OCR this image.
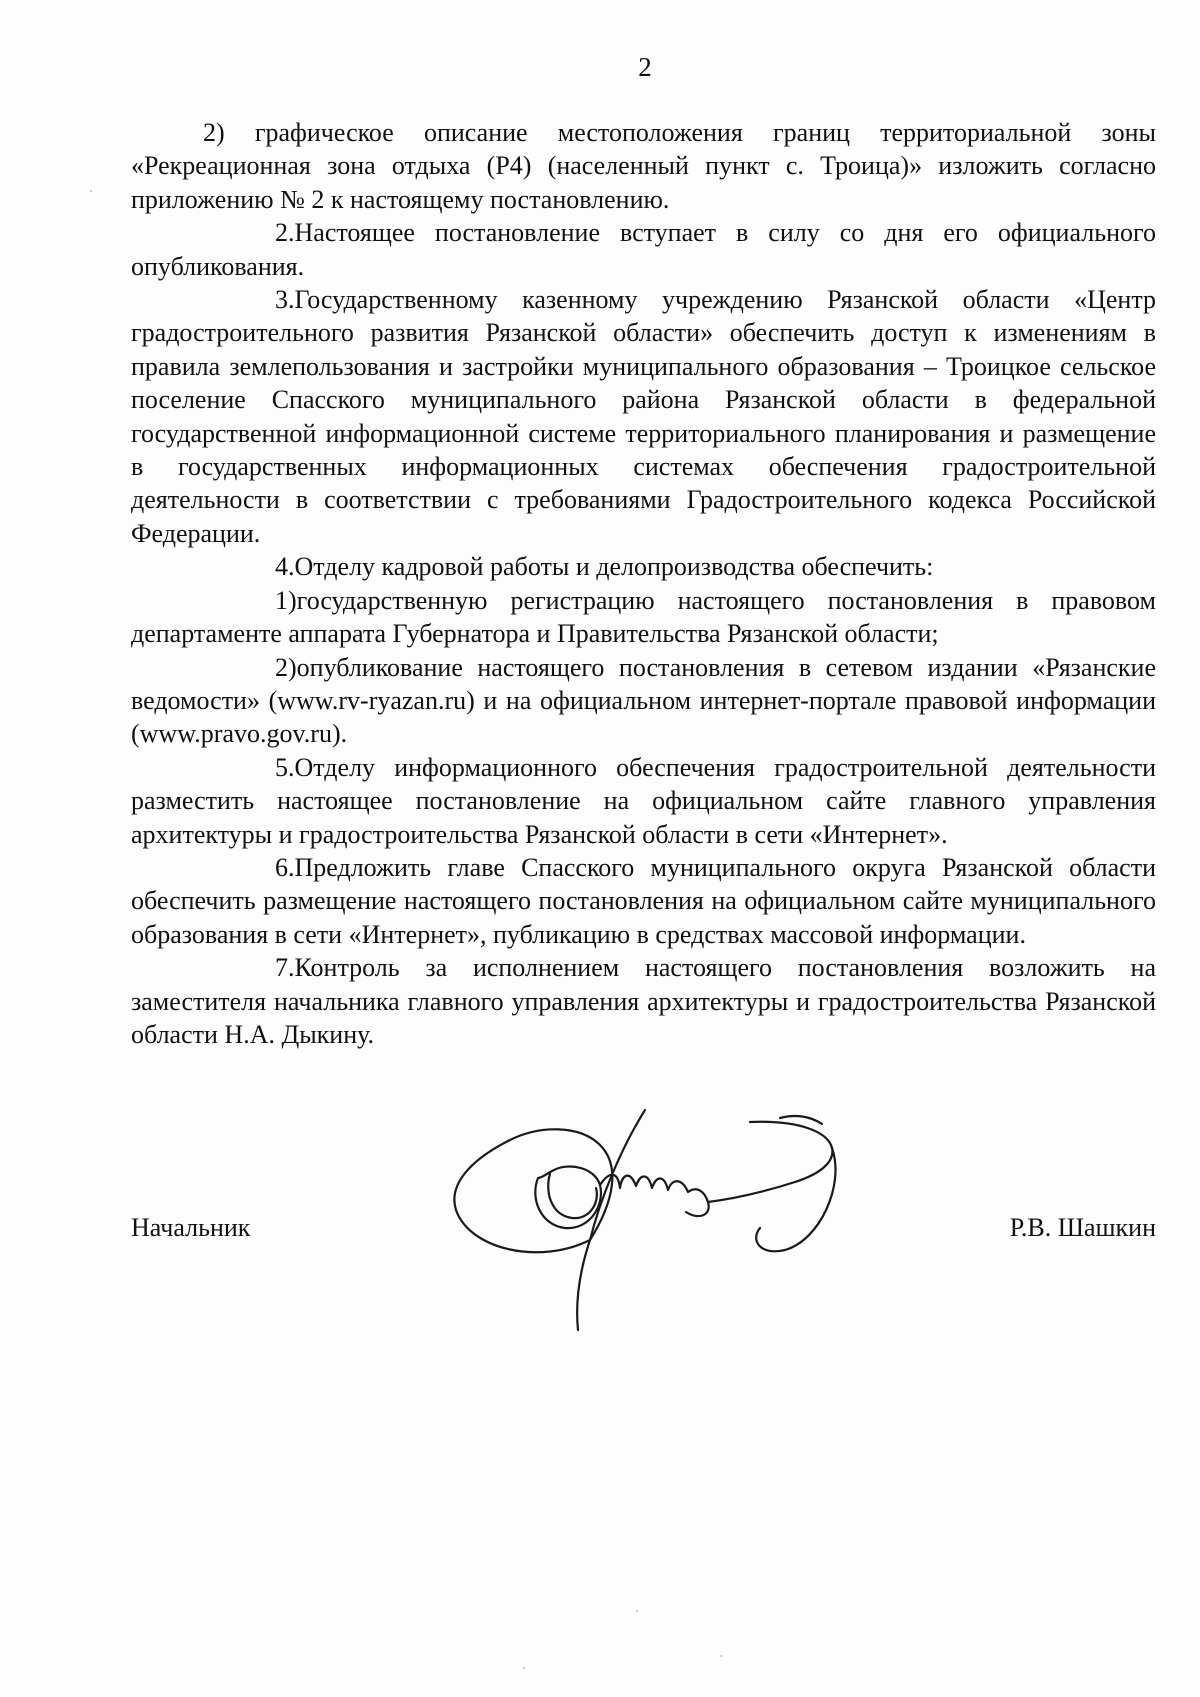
2

2) графическое описание местоположения границ территориальной зоны «Рекреационная зона отдыха (Р4) (населенный пункт с. Троица)» изложить согласно приложению № 2 к настоящему постановлению.

2.Настоящее постановление вступает в силу со дня его официального опубликования.

3.Государственному казенному учреждению Рязанской области «Центр градостроительного развития Рязанской области» обеспечить доступ к изменениям в правила землепользования и застройки муниципального образования – Троицкое сельское поселение Спасского муниципального района Рязанской области в федеральной государственной информационной системе территориального планирования и размещение в государственных информационных системах обеспечения градостроительной деятельности в соответствии с требованиями Градостроительного кодекса Российской Федерации.

4.Отделу кадровой работы и делопроизводства обеспечить:

1)государственную регистрацию настоящего постановления в правовом департаменте аппарата Губернатора и Правительства Рязанской области;

2)опубликование настоящего постановления в сетевом издании «Рязанские ведомости» (www.rv-ryazan.ru) и на официальном интернет-портале правовой информации (www.pravo.gov.ru).

5.Отделу информационного обеспечения градостроительной деятельности разместить настоящее постановление на официальном сайте главного управления архитектуры и градостроительства Рязанской области в сети «Интернет».

6.Предложить главе Спасского муниципального округа Рязанской области обеспечить размещение настоящего постановления на официальном сайте муниципального образования в сети «Интернет», публикацию в средствах массовой информации.

7.Контроль за исполнением настоящего постановления возложить на заместителя начальника главного управления архитектуры и градостроительства Рязанской области Н.А. Дыкину.

Начальник	Р.В. Шашкин
